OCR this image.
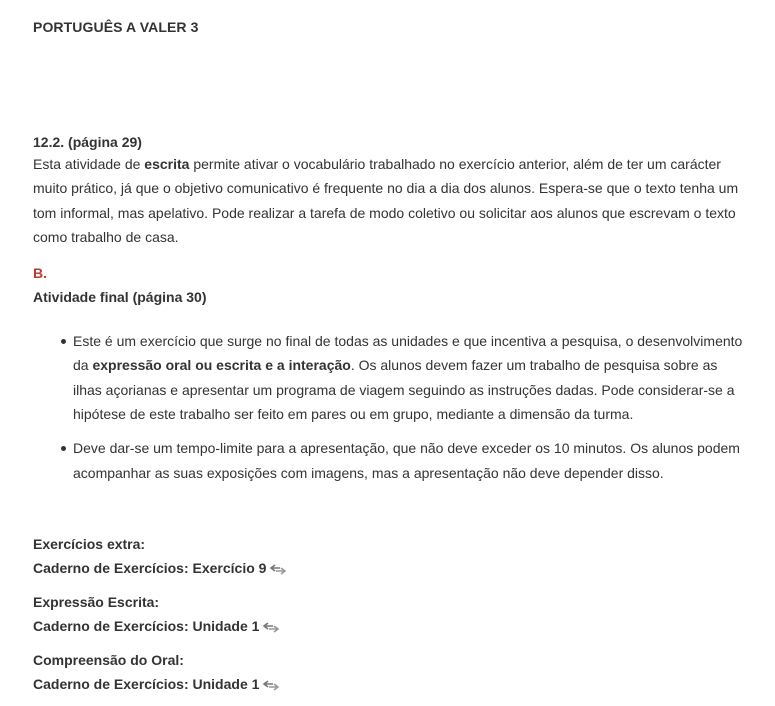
PORTUGUÊS A VALER 3
12.2. (página 29)

Esta atividade de escrita permite ativar o vocabulário trabalhado no exercício anterior, além de ter um carácter muito prático, já que o objetivo comunicativo é frequente no dia a dia dos alunos. Espera-se que o texto tenha um tom informal, mas apelativo. Pode realizar a tarefa de modo coletivo ou solicitar aos alunos que escrevam o texto como trabalho de casa.

B.
Atividade final (página 30)
Este é um exercício que surge no final de todas as unidades e que incentiva a pesquisa, o desenvolvimento da expressão oral ou escrita e a interação. Os alunos devem fazer um trabalho de pesquisa sobre as ilhas açorianas e apresentar um programa de viagem seguindo as instruções dadas. Pode considerar-se a hipótese de este trabalho ser feito em pares ou em grupo, mediante a dimensão da turma.
Deve dar-se um tempo-limite para a apresentação, que não deve exceder os 10 minutos. Os alunos podem acompanhar as suas exposições com imagens, mas a apresentação não deve depender disso.
Exercícios extra:
Caderno de Exercícios: Exercício 9
Expressão Escrita:
Caderno de Exercícios: Unidade 1
Compreensão do Oral:
Caderno de Exercícios: Unidade 1
